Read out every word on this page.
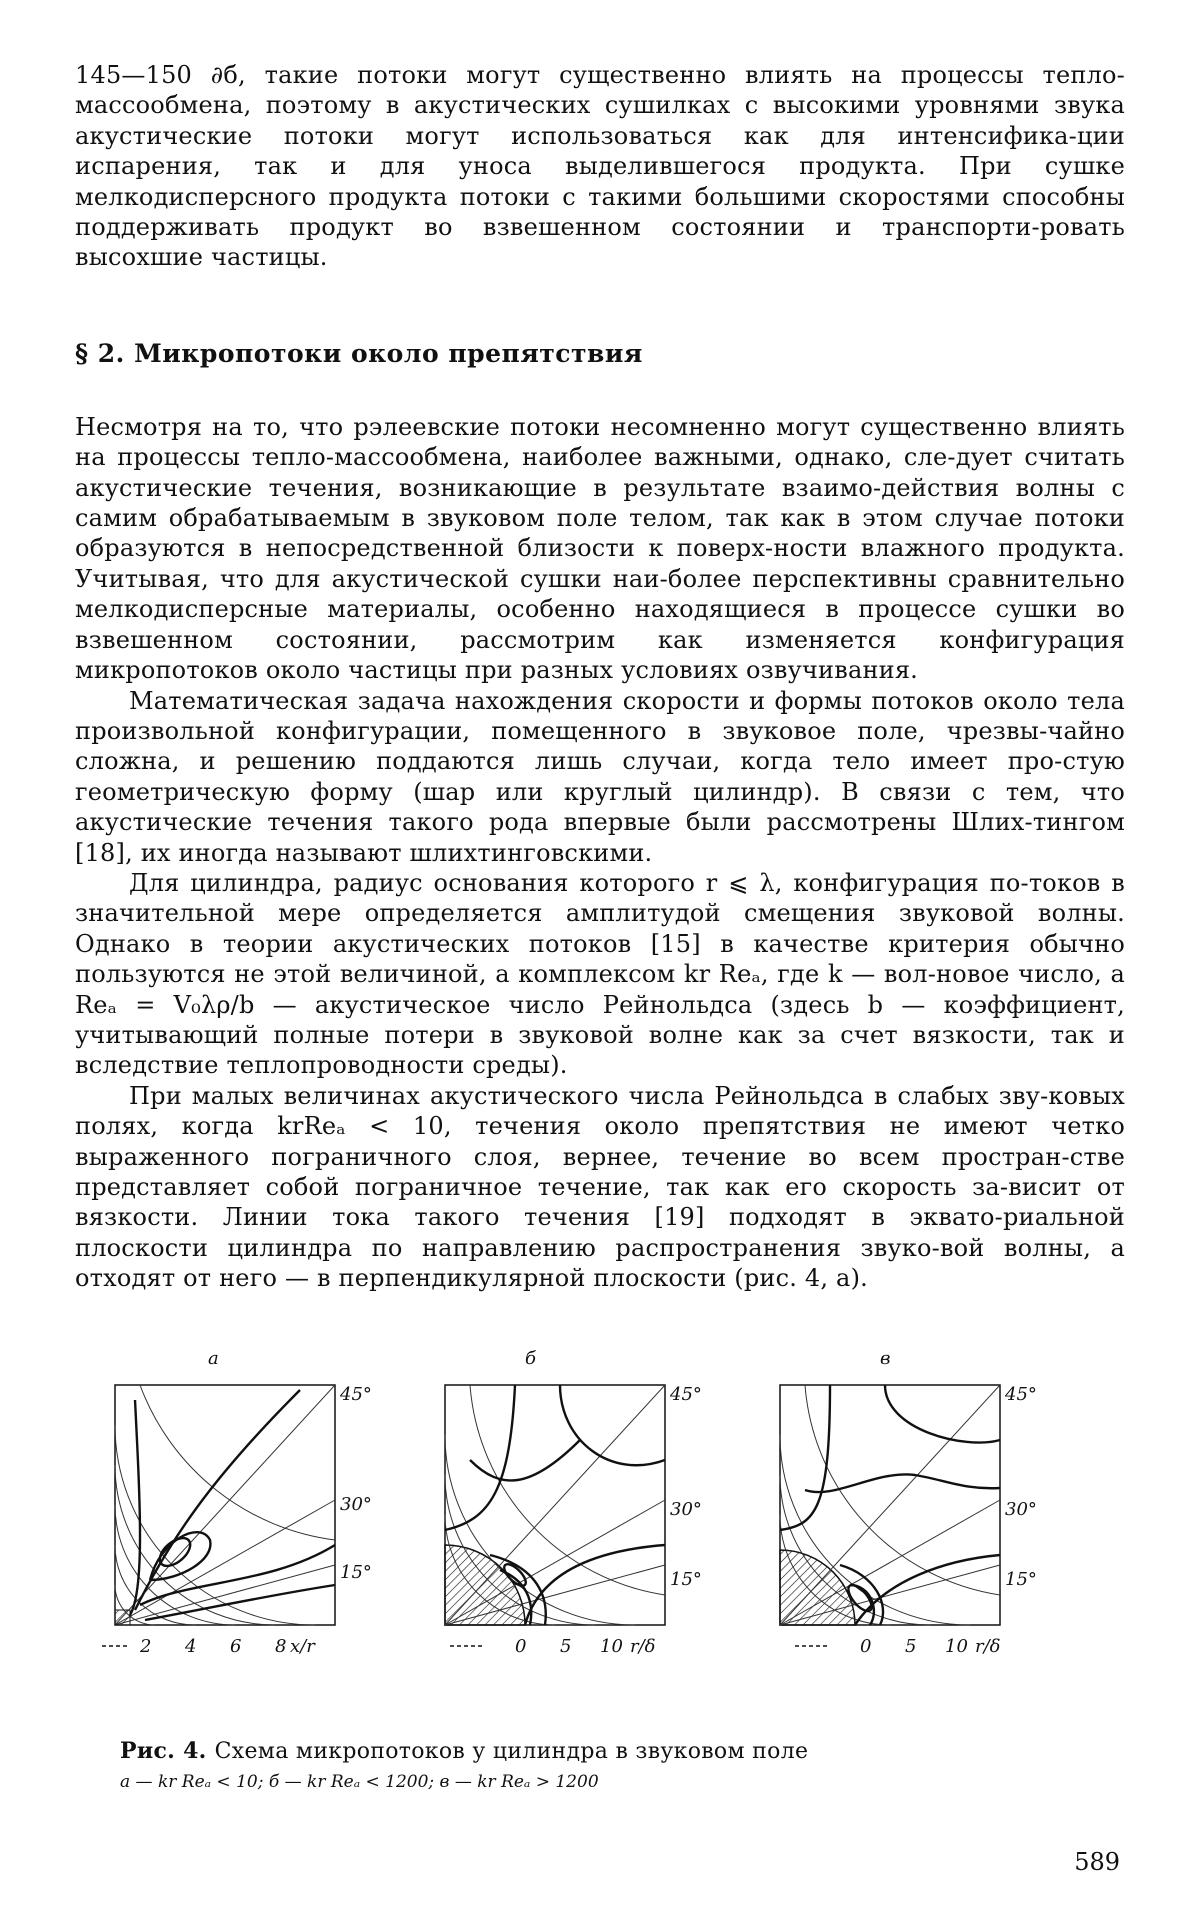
145—150 ∂б, такие потоки могут существенно влиять на процессы тепло-массообмена, поэтому в акустических сушилках с высокими уровнями звука акустические потоки могут использоваться как для интенсифика-ции испарения, так и для уноса выделившегося продукта. При сушке мелкодисперсного продукта потоки с такими большими скоростями способны поддерживать продукт во взвешенном состоянии и транспорти-ровать высохшие частицы.

§ 2. Микропотоки около препятствия

Несмотря на то, что рэлеевские потоки несомненно могут существенно влиять на процессы тепло-массообмена, наиболее важными, однако, сле-дует считать акустические течения, возникающие в результате взаимо-действия волны с самим обрабатываемым в звуковом поле телом, так как в этом случае потоки образуются в непосредственной близости к поверх-ности влажного продукта. Учитывая, что для акустической сушки наи-более перспективны сравнительно мелкодисперсные материалы, особенно находящиеся в процессе сушки во взвешенном состоянии, рассмотрим как изменяется конфигурация микропотоков около частицы при разных условиях озвучивания.

Математическая задача нахождения скорости и формы потоков около тела произвольной конфигурации, помещенного в звуковое поле, чрезвы-чайно сложна, и решению поддаются лишь случаи, когда тело имеет про-стую геометрическую форму (шар или круглый цилиндр). В связи с тем, что акустические течения такого рода впервые были рассмотрены Шлих-тингом [18], их иногда называют шлихтинговскими.

Для цилиндра, радиус основания которого r ⩽ λ, конфигурация по-токов в значительной мере определяется амплитудой смещения звуковой волны. Однако в теории акустических потоков [15] в качестве критерия обычно пользуются не этой величиной, а комплексом kr Reₐ, где k — вол-новое число, а Reₐ = V₀λρ/b — акустическое число Рейнольдса (здесь b — коэффициент, учитывающий полные потери в звуковой волне как за счет вязкости, так и вследствие теплопроводности среды).

При малых величинах акустического числа Рейнольдса в слабых зву-ковых полях, когда krReₐ < 10, течения около препятствия не имеют четко выраженного пограничного слоя, вернее, течение во всем простран-стве представляет собой пограничное течение, так как его скорость за-висит от вязкости. Линии тока такого течения [19] подходят в эквато-риальной плоскости цилиндра по направлению распространения звуко-вой волны, а отходят от него — в перпендикулярной плоскости (рис. 4, а).

а
45°
30°
15°
2 4 6 8 x/r
б
45°
30°
15°
0 5 10 r/δ
в
45°
30°
15°
0 5 10 r/δ
Рис. 4. Схема микропотоков у цилиндра в звуковом поле
а — kr Reₐ < 10; б — kr Reₐ < 1200; в — kr Reₐ > 1200
589
